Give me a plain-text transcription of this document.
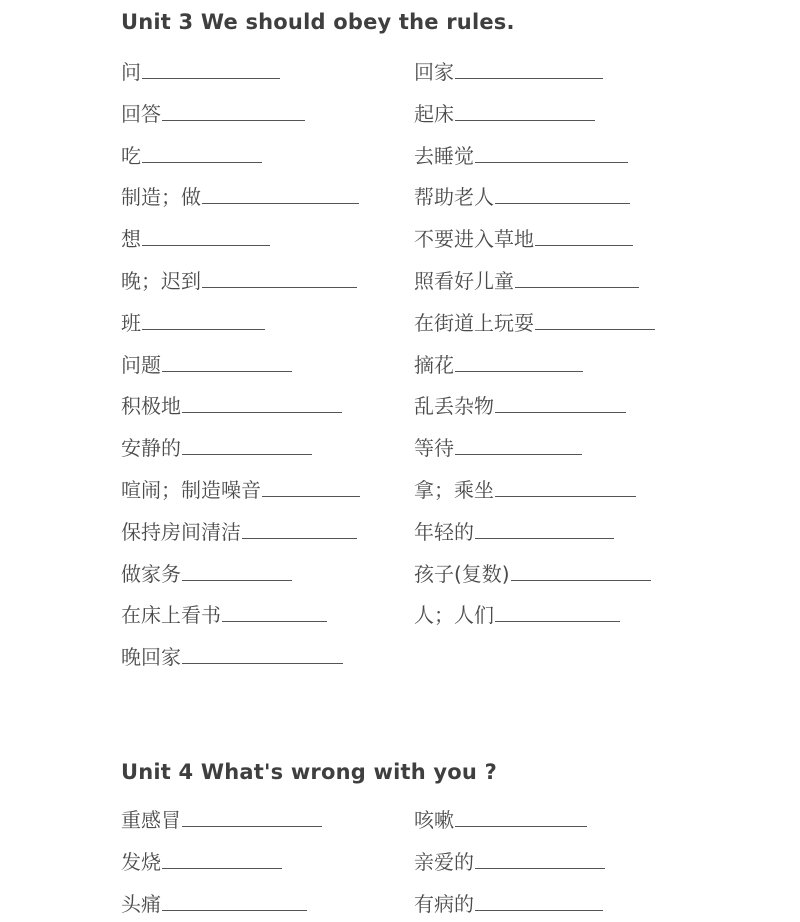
Unit 3 We should obey the rules.
问	回家
回答	起床
吃	去睡觉
制造；做	帮助老人
想	不要进入草地
晚；迟到	照看好儿童
班	在街道上玩耍
问题	摘花
积极地	乱丢杂物
安静的	等待
喧闹；制造噪音	拿；乘坐
保持房间清洁	年轻的
做家务	孩子(复数)
在床上看书	人；人们
晚回家
Unit 4 What's wrong with you ?
重感冒	咳嗽
发烧	亲爱的
头痛	有病的
